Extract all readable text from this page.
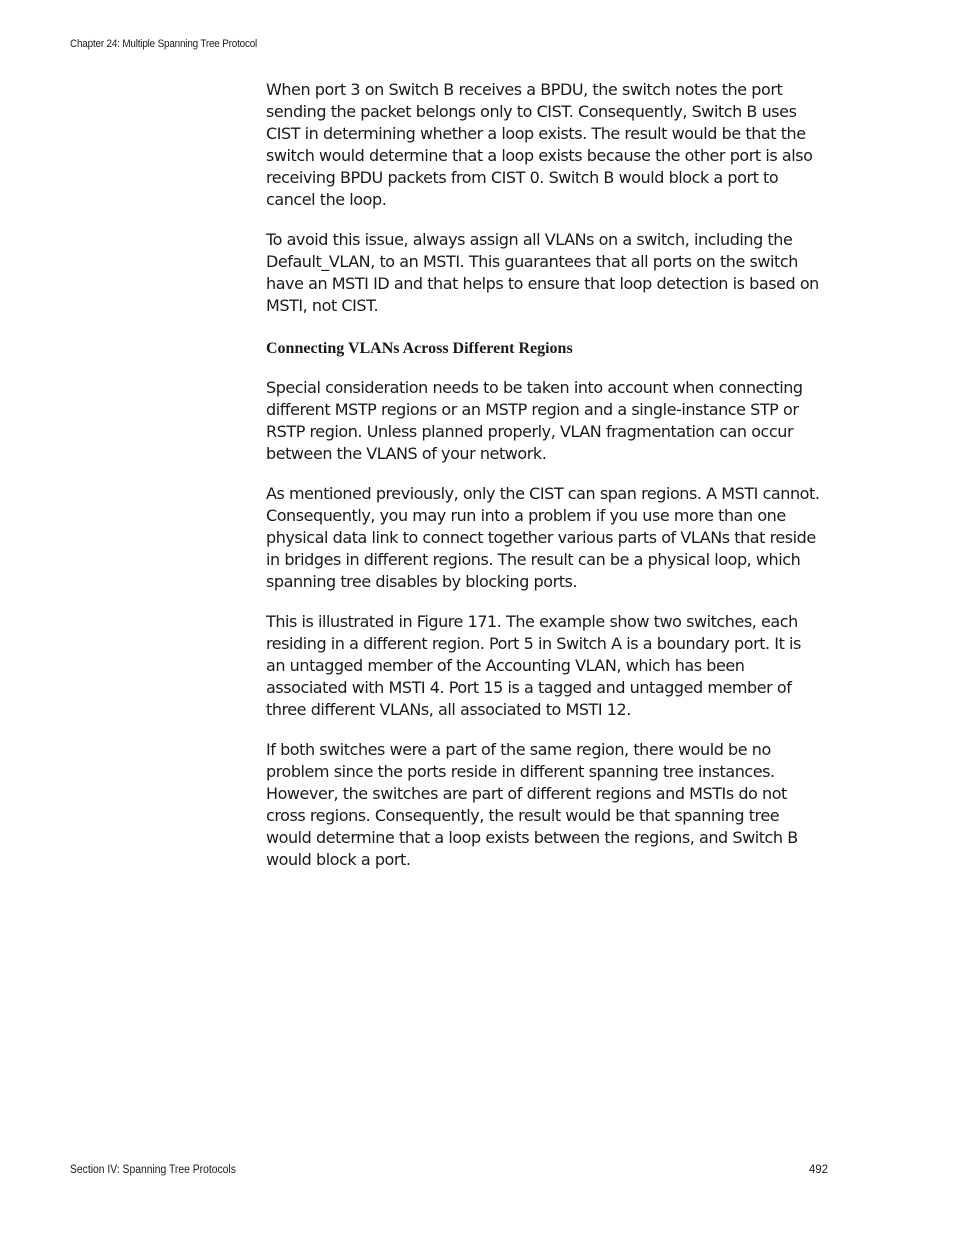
Chapter 24: Multiple Spanning Tree Protocol
When port 3 on Switch B receives a BPDU, the switch notes the port
sending the packet belongs only to CIST. Consequently, Switch B uses
CIST in determining whether a loop exists. The result would be that the
switch would determine that a loop exists because the other port is also
receiving BPDU packets from CIST 0. Switch B would block a port to
cancel the loop.
To avoid this issue, always assign all VLANs on a switch, including the
Default_VLAN, to an MSTI. This guarantees that all ports on the switch
have an MSTI ID and that helps to ensure that loop detection is based on
MSTI, not CIST.
Connecting VLANs Across Different Regions
Special consideration needs to be taken into account when connecting
different MSTP regions or an MSTP region and a single-instance STP or
RSTP region. Unless planned properly, VLAN fragmentation can occur
between the VLANS of your network.
As mentioned previously, only the CIST can span regions. A MSTI cannot.
Consequently, you may run into a problem if you use more than one
physical data link to connect together various parts of VLANs that reside
in bridges in different regions. The result can be a physical loop, which
spanning tree disables by blocking ports.
This is illustrated in Figure 171. The example show two switches, each
residing in a different region. Port 5 in Switch A is a boundary port. It is
an untagged member of the Accounting VLAN, which has been
associated with MSTI 4. Port 15 is a tagged and untagged member of
three different VLANs, all associated to MSTI 12.
If both switches were a part of the same region, there would be no
problem since the ports reside in different spanning tree instances.
However, the switches are part of different regions and MSTIs do not
cross regions. Consequently, the result would be that spanning tree
would determine that a loop exists between the regions, and Switch B
would block a port.
Section IV: Spanning Tree Protocols	492
